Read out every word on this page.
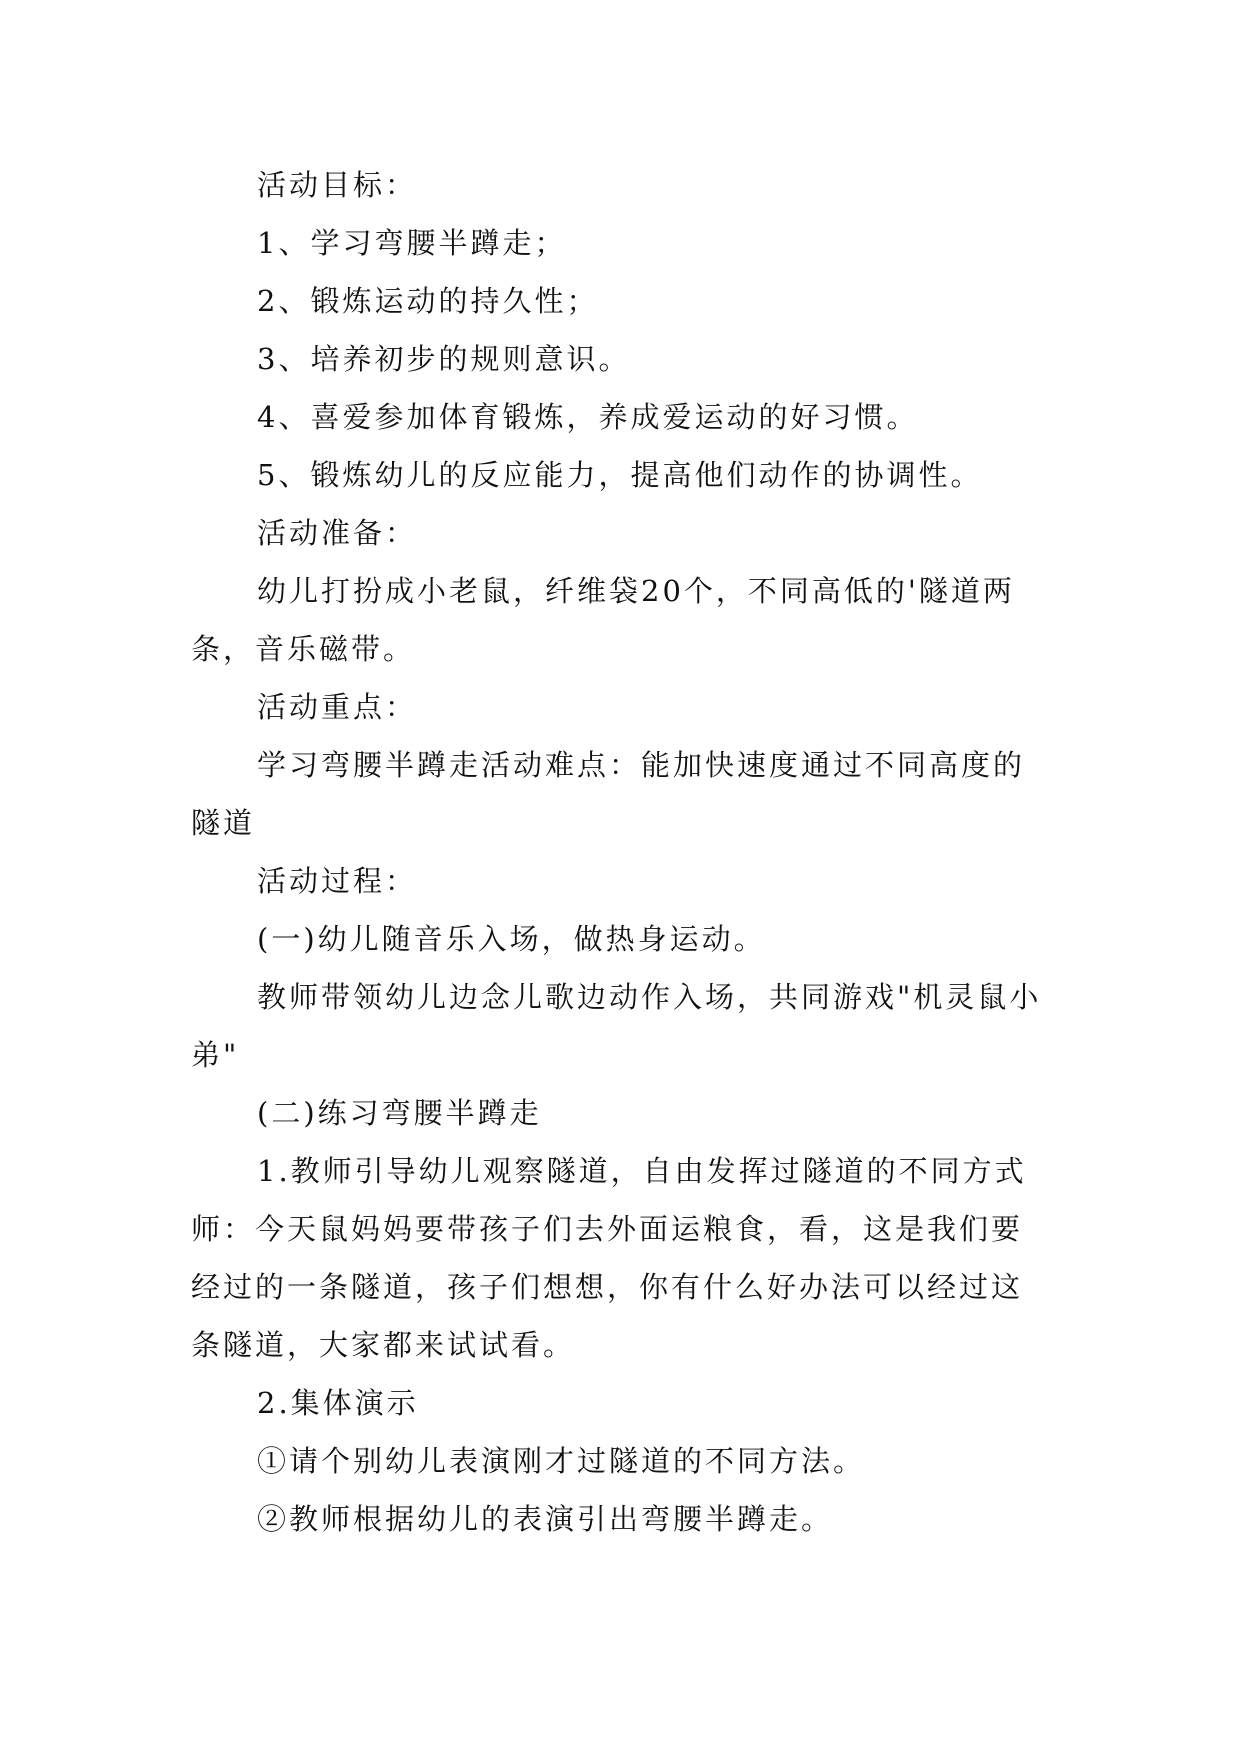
活动目标：

1、学习弯腰半蹲走；

2、锻炼运动的持久性；

3、培养初步的规则意识。

4、喜爱参加体育锻炼，养成爱运动的好习惯。

5、锻炼幼儿的反应能力，提高他们动作的协调性。

活动准备：

幼儿打扮成小老鼠，纤维袋20个，不同高低的'隧道两条，音乐磁带。

活动重点：

学习弯腰半蹲走活动难点：能加快速度通过不同高度的隧道

活动过程：

(一)幼儿随音乐入场，做热身运动。

教师带领幼儿边念儿歌边动作入场，共同游戏"机灵鼠小弟"

(二)练习弯腰半蹲走

1.教师引导幼儿观察隧道，自由发挥过隧道的不同方式师：今天鼠妈妈要带孩子们去外面运粮食，看，这是我们要经过的一条隧道，孩子们想想，你有什么好办法可以经过这条隧道，大家都来试试看。

2.集体演示

①请个别幼儿表演刚才过隧道的不同方法。

②教师根据幼儿的表演引出弯腰半蹲走。
